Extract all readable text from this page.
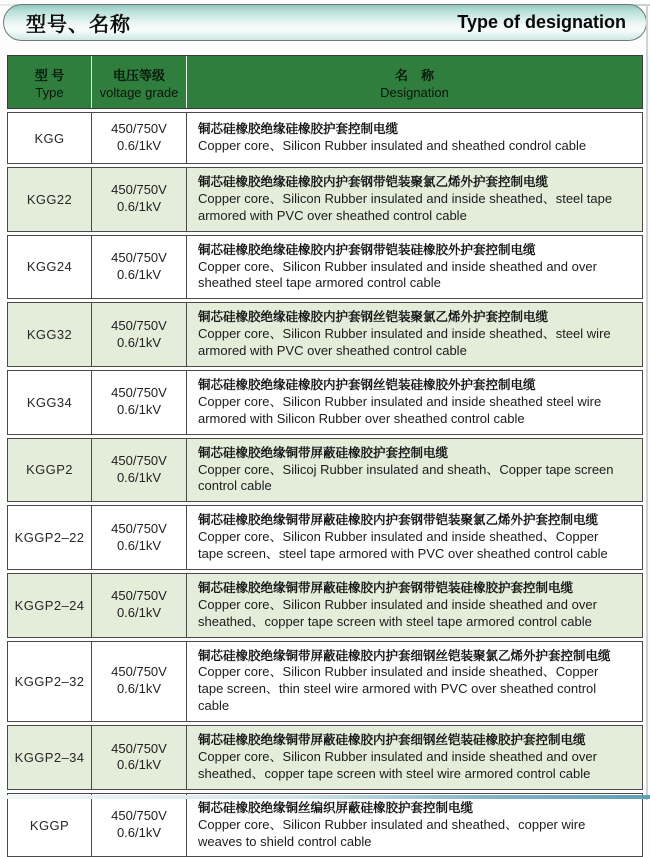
型号、名称	Type of designation
型 号
Type
电压等级
voltage grade
名　称
Designation
KGG
450/750V
0.6/1kV
铜芯硅橡胶绝缘硅橡胶护套控制电缆
Copper core、Silicon Rubber insulated and sheathed condrol cable
KGG22
450/750V
0.6/1kV
铜芯硅橡胶绝缘硅橡胶内护套钢带铠装聚氯乙烯外护套控制电缆
Copper core、Silicon Rubber insulated and inside sheathed、steel tape armored with PVC over sheathed control cable
KGG24
450/750V
0.6/1kV
铜芯硅橡胶绝缘硅橡胶内护套钢带铠装硅橡胶外护套控制电缆
Copper core、Silicon Rubber insulated and inside sheathed and over sheathed steel tape armored control cable
KGG32
450/750V
0.6/1kV
铜芯硅橡胶绝缘硅橡胶内护套钢丝铠装聚氯乙烯外护套控制电缆
Copper core、Silicon Rubber insulated and inside sheathed、steel wire armored with PVC over sheathed control cable
KGG34
450/750V
0.6/1kV
铜芯硅橡胶绝缘硅橡胶内护套钢丝铠装硅橡胶外护套控制电缆
Copper core、Silicon Rubber insulated and inside sheathed steel wire armored with Silicon Rubber over sheathed control cable
KGGP2
450/750V
0.6/1kV
铜芯硅橡胶绝缘铜带屏蔽硅橡胶护套控制电缆
Copper core、Silicoj Rubber insulated and sheath、Copper tape screen control cable
KGGP2–22
450/750V
0.6/1kV
铜芯硅橡胶绝缘铜带屏蔽硅橡胶内护套钢带铠装聚氯乙烯外护套控制电缆
Copper core、Silicon Rubber insulated and inside sheathed、Copper tape screen、steel tape armored with PVC over sheathed control cable
KGGP2–24
450/750V
0.6/1kV
铜芯硅橡胶绝缘铜带屏蔽硅橡胶内护套钢带铠装硅橡胶护套控制电缆
Copper core、Silicon Rubber insulated and inside sheathed and over sheathed、copper tape screen with steel tape armored control cable
KGGP2–32
450/750V
0.6/1kV
铜芯硅橡胶绝缘铜带屏蔽硅橡胶内护套细钢丝铠装聚氯乙烯外护套控制电缆
Copper core、Silicon Rubber insulated and inside sheathed、Copper tape screen、thin steel wire armored with PVC over sheathed control cable
KGGP2–34
450/750V
0.6/1kV
铜芯硅橡胶绝缘铜带屏蔽硅橡胶内护套细钢丝铠装硅橡胶护套控制电缆
Copper core、Silicon Rubber insulated and inside sheathed and over sheathed、copper tape screen with steel wire armored control cable
KGGP
450/750V
0.6/1kV
铜芯硅橡胶绝缘铜丝编织屏蔽硅橡胶护套控制电缆
Copper core、Silicon Rubber insulated and sheathed、copper wire weaves to shield control cable
